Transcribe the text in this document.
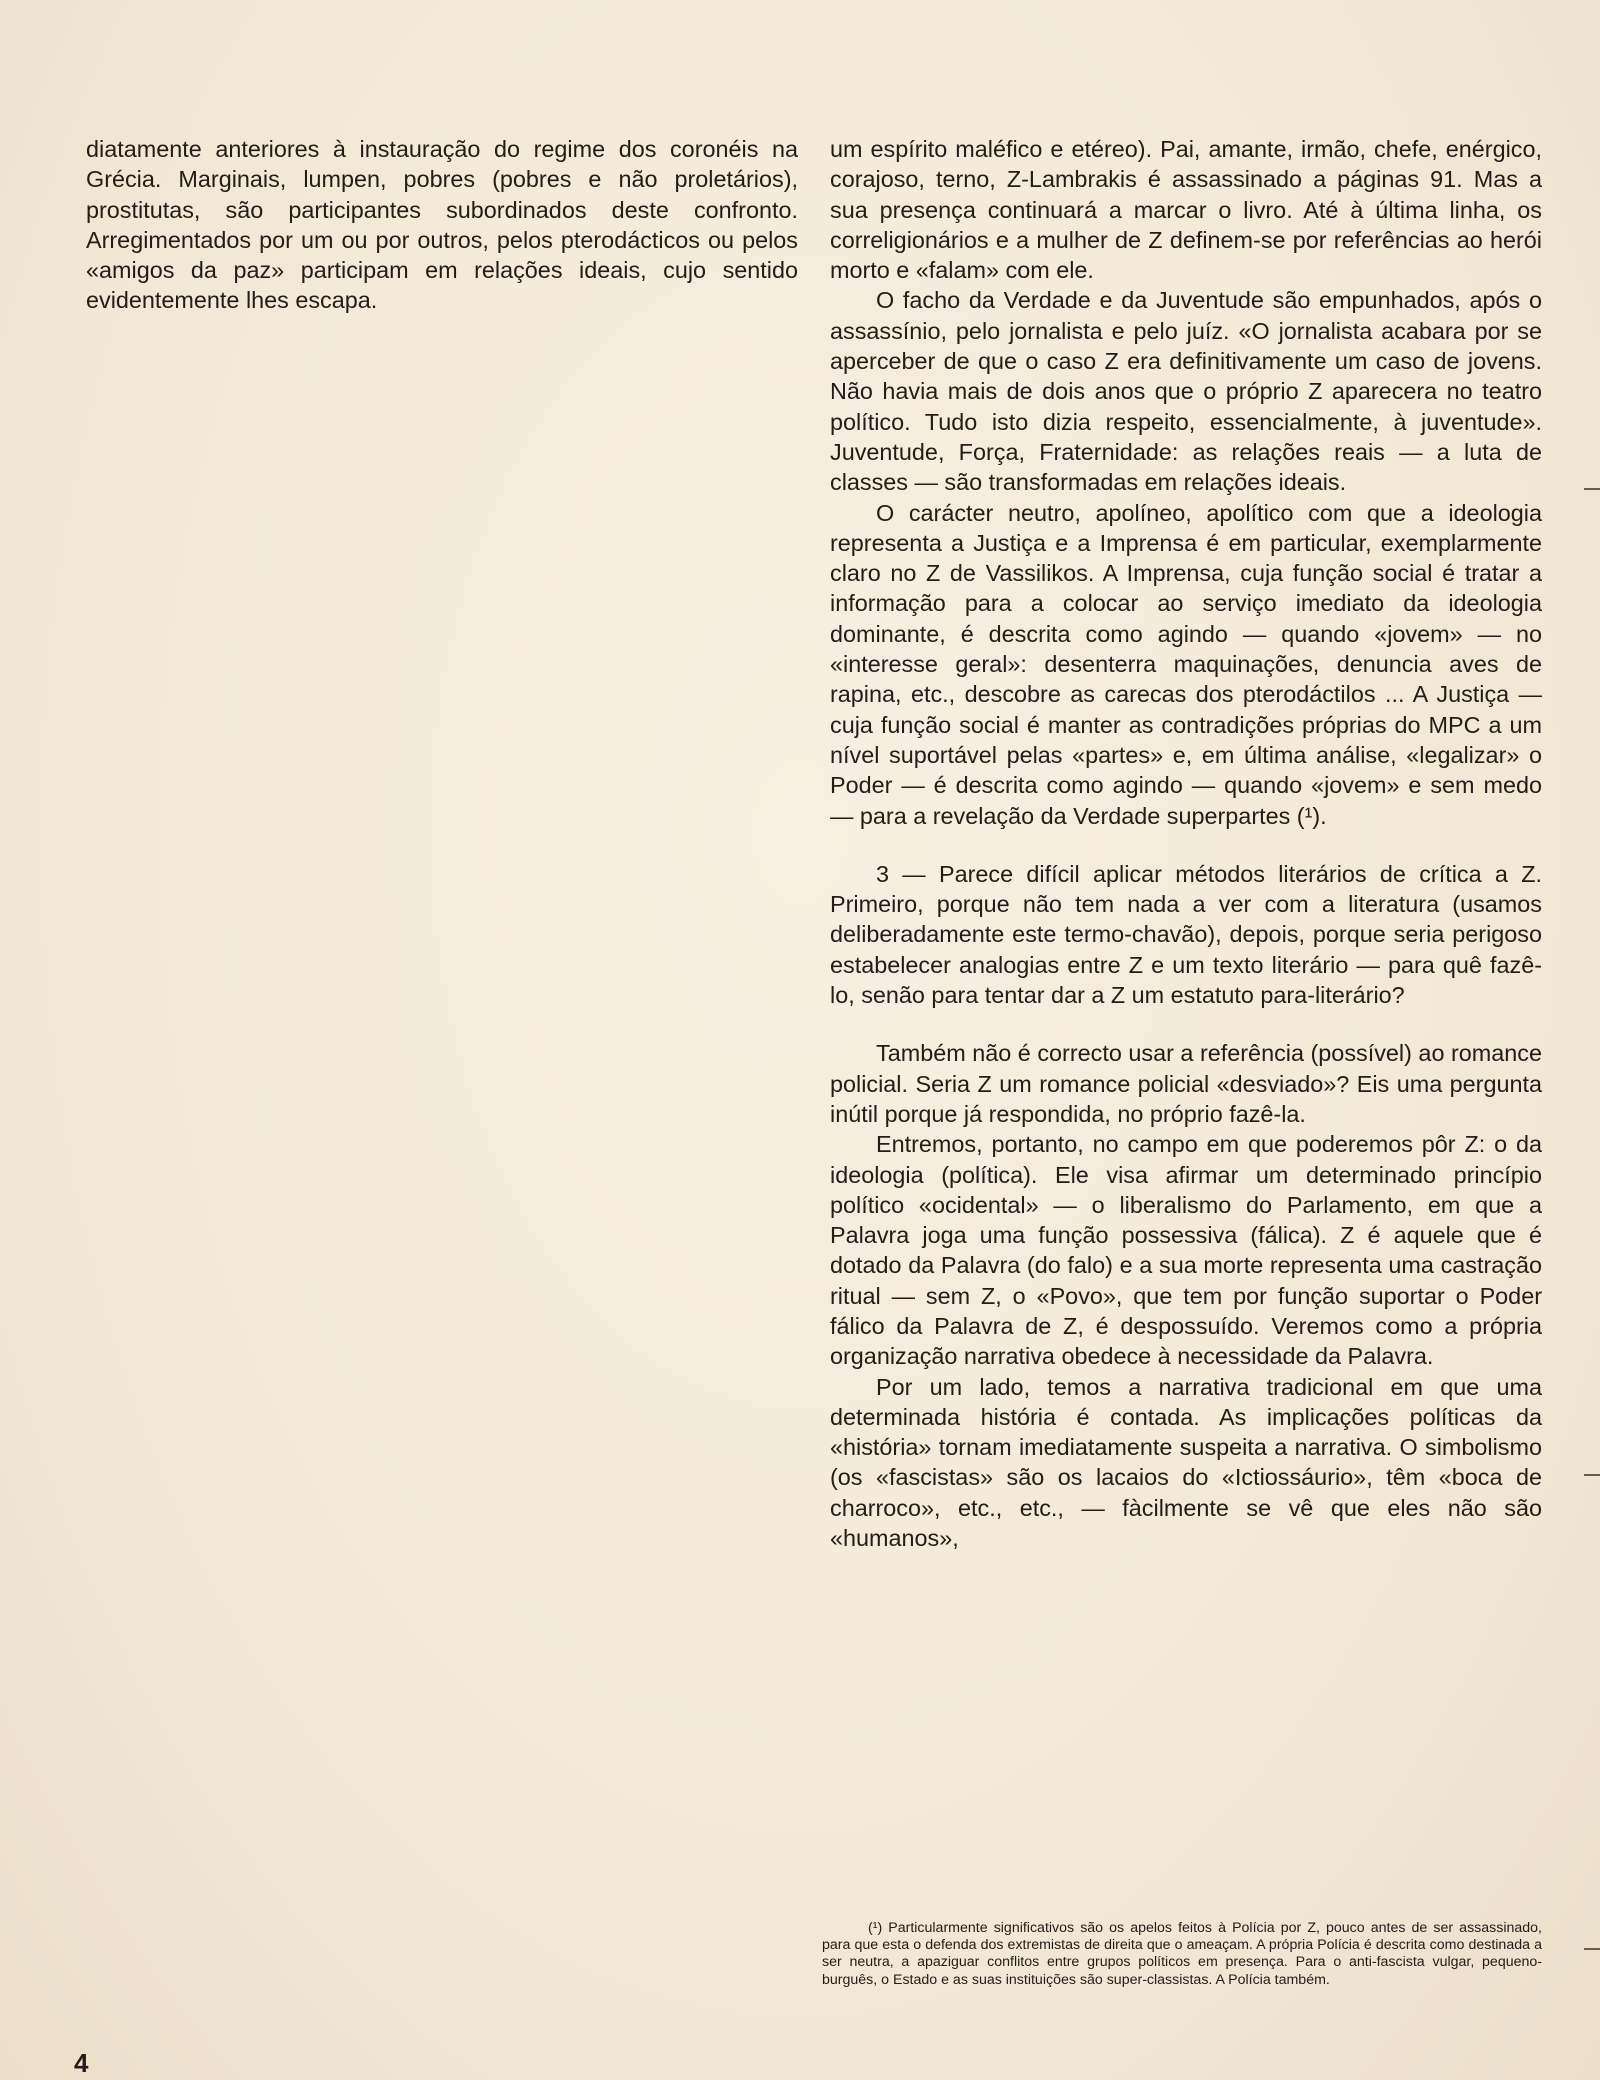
diatamente anteriores à instauração do regime dos coronéis na Grécia. Marginais, lumpen, pobres (pobres e não proletários), prostitutas, são participantes subordinados deste confronto. Arregimentados por um ou por outros, pelos pterodácticos ou pelos «amigos da paz» participam em relações ideais, cujo sentido evidentemente lhes escapa.

um espírito maléfico e etéreo). Pai, amante, irmão, chefe, enérgico, corajoso, terno, Z-Lambrakis é assassinado a páginas 91. Mas a sua presença continuará a marcar o livro. Até à última linha, os correligionários e a mulher de Z definem-se por referências ao herói morto e «falam» com ele.

O facho da Verdade e da Juventude são empunhados, após o assassínio, pelo jornalista e pelo juíz. «O jornalista acabara por se aperceber de que o caso Z era definitivamente um caso de jovens. Não havia mais de dois anos que o próprio Z aparecera no teatro político. Tudo isto dizia respeito, essencialmente, à juventude». Juventude, Força, Fraternidade: as relações reais — a luta de classes — são transformadas em relações ideais.

O carácter neutro, apolíneo, apolítico com que a ideologia representa a Justiça e a Imprensa é em particular, exemplarmente claro no Z de Vassilikos. A Imprensa, cuja função social é tratar a informação para a colocar ao serviço imediato da ideologia dominante, é descrita como agindo — quando «jovem» — no «interesse geral»: desenterra maquinações, denuncia aves de rapina, etc., descobre as carecas dos pterodáctilos ... A Justiça — cuja função social é manter as contradições próprias do MPC a um nível suportável pelas «partes» e, em última análise, «legalizar» o Poder — é descrita como agindo — quando «jovem» e sem medo — para a revelação da Verdade superpartes (¹).

3 — Parece difícil aplicar métodos literários de crítica a Z. Primeiro, porque não tem nada a ver com a literatura (usamos deliberadamente este termo-chavão), depois, porque seria perigoso estabelecer analogias entre Z e um texto literário — para quê fazê-lo, senão para tentar dar a Z um estatuto para-literário?

Também não é correcto usar a referência (possível) ao romance policial. Seria Z um romance policial «desviado»? Eis uma pergunta inútil porque já respondida, no próprio fazê-la.

Entremos, portanto, no campo em que poderemos pôr Z: o da ideologia (política). Ele visa afirmar um determinado princípio político «ocidental» — o liberalismo do Parlamento, em que a Palavra joga uma função possessiva (fálica). Z é aquele que é dotado da Palavra (do falo) e a sua morte representa uma castração ritual — sem Z, o «Povo», que tem por função suportar o Poder fálico da Palavra de Z, é despossuído. Veremos como a própria organização narrativa obedece à necessidade da Palavra.

Por um lado, temos a narrativa tradicional em que uma determinada história é contada. As implicações políticas da «história» tornam imediatamente suspeita a narrativa. O simbolismo (os «fascistas» são os lacaios do «Ictiossáurio», têm «boca de charroco», etc., etc., — fàcilmente se vê que eles não são «humanos»,

(¹) Particularmente significativos são os apelos feitos à Polícia por Z, pouco antes de ser assassinado, para que esta o defenda dos extremistas de direita que o ameaçam. A própria Polícia é descrita como destinada a ser neutra, a apaziguar conflitos entre grupos políticos em presença. Para o anti-fascista vulgar, pequeno-burguês, o Estado e as suas instituições são super-classistas. A Polícia também.

4
